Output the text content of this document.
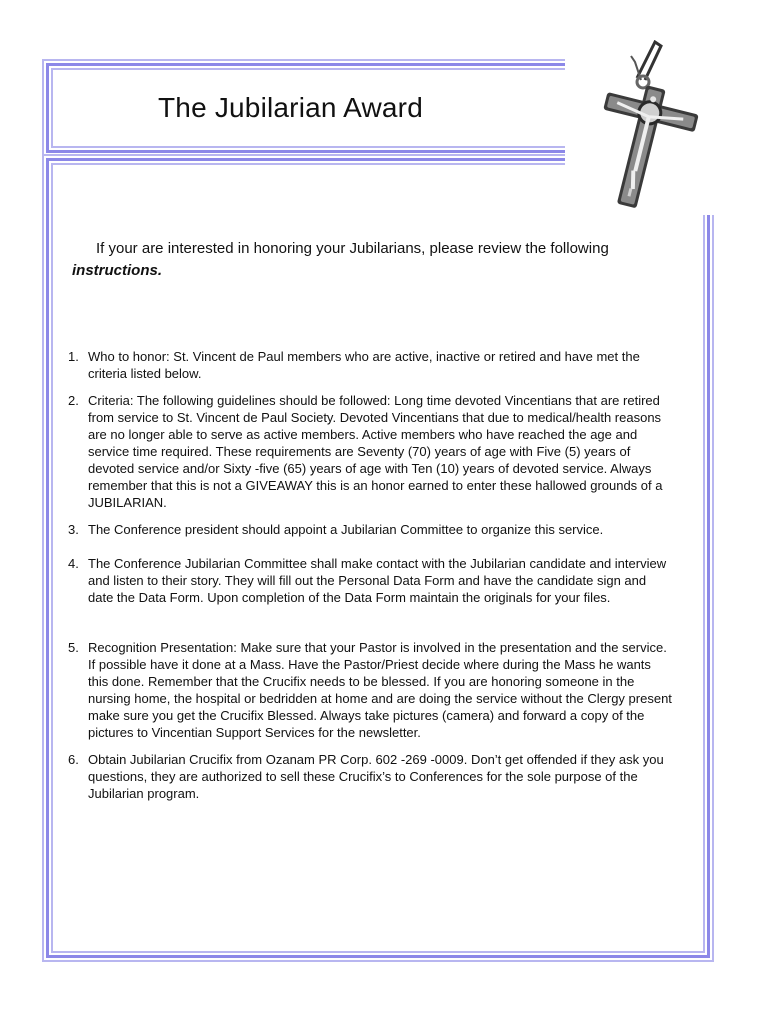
The Jubilarian Award
If your are interested in honoring your Jubilarians, please review the following
instructions.
1. Who to honor: St. Vincent de Paul members who are active, inactive or retired and have met the criteria listed below.
2. Criteria: The following guidelines should be followed: Long time devoted Vincentians that are retired from service to St. Vincent de Paul Society. Devoted Vincentians that due to medical/health reasons are no longer able to serve as active members. Active members who have reached the age and service time required. These requirements are Seventy (70) years of age with Five (5) years of devoted service and/or Sixty -five (65) years of age with Ten (10) years of devoted service. Always remember that this is not a GIVEAWAY this is an honor earned to enter these hallowed grounds of a JUBILARIAN.
3. The Conference president should appoint a Jubilarian Committee to organize this service.
4. The Conference Jubilarian Committee shall make contact with the Jubilarian candidate and interview and listen to their story. They will fill out the Personal Data Form and have the candidate sign and date the Data Form. Upon completion of the Data Form maintain the originals for your files.
5. Recognition Presentation: Make sure that your Pastor is involved in the presentation and the service. If possible have it done at a Mass. Have the Pastor/Priest decide where during the Mass he wants this done. Remember that the Crucifix needs to be blessed. If you are honoring someone in the nursing home, the hospital or bedridden at home and are doing the service without the Clergy present make sure you get the Crucifix Blessed. Always take pictures (camera) and forward a copy of the pictures to Vincentian Support Services for the newsletter.
6. Obtain Jubilarian Crucifix from Ozanam PR Corp. 602 -269 -0009. Don’t get offended if they ask you questions, they are authorized to sell these Crucifix’s to Conferences for the sole purpose of the Jubilarian program.
